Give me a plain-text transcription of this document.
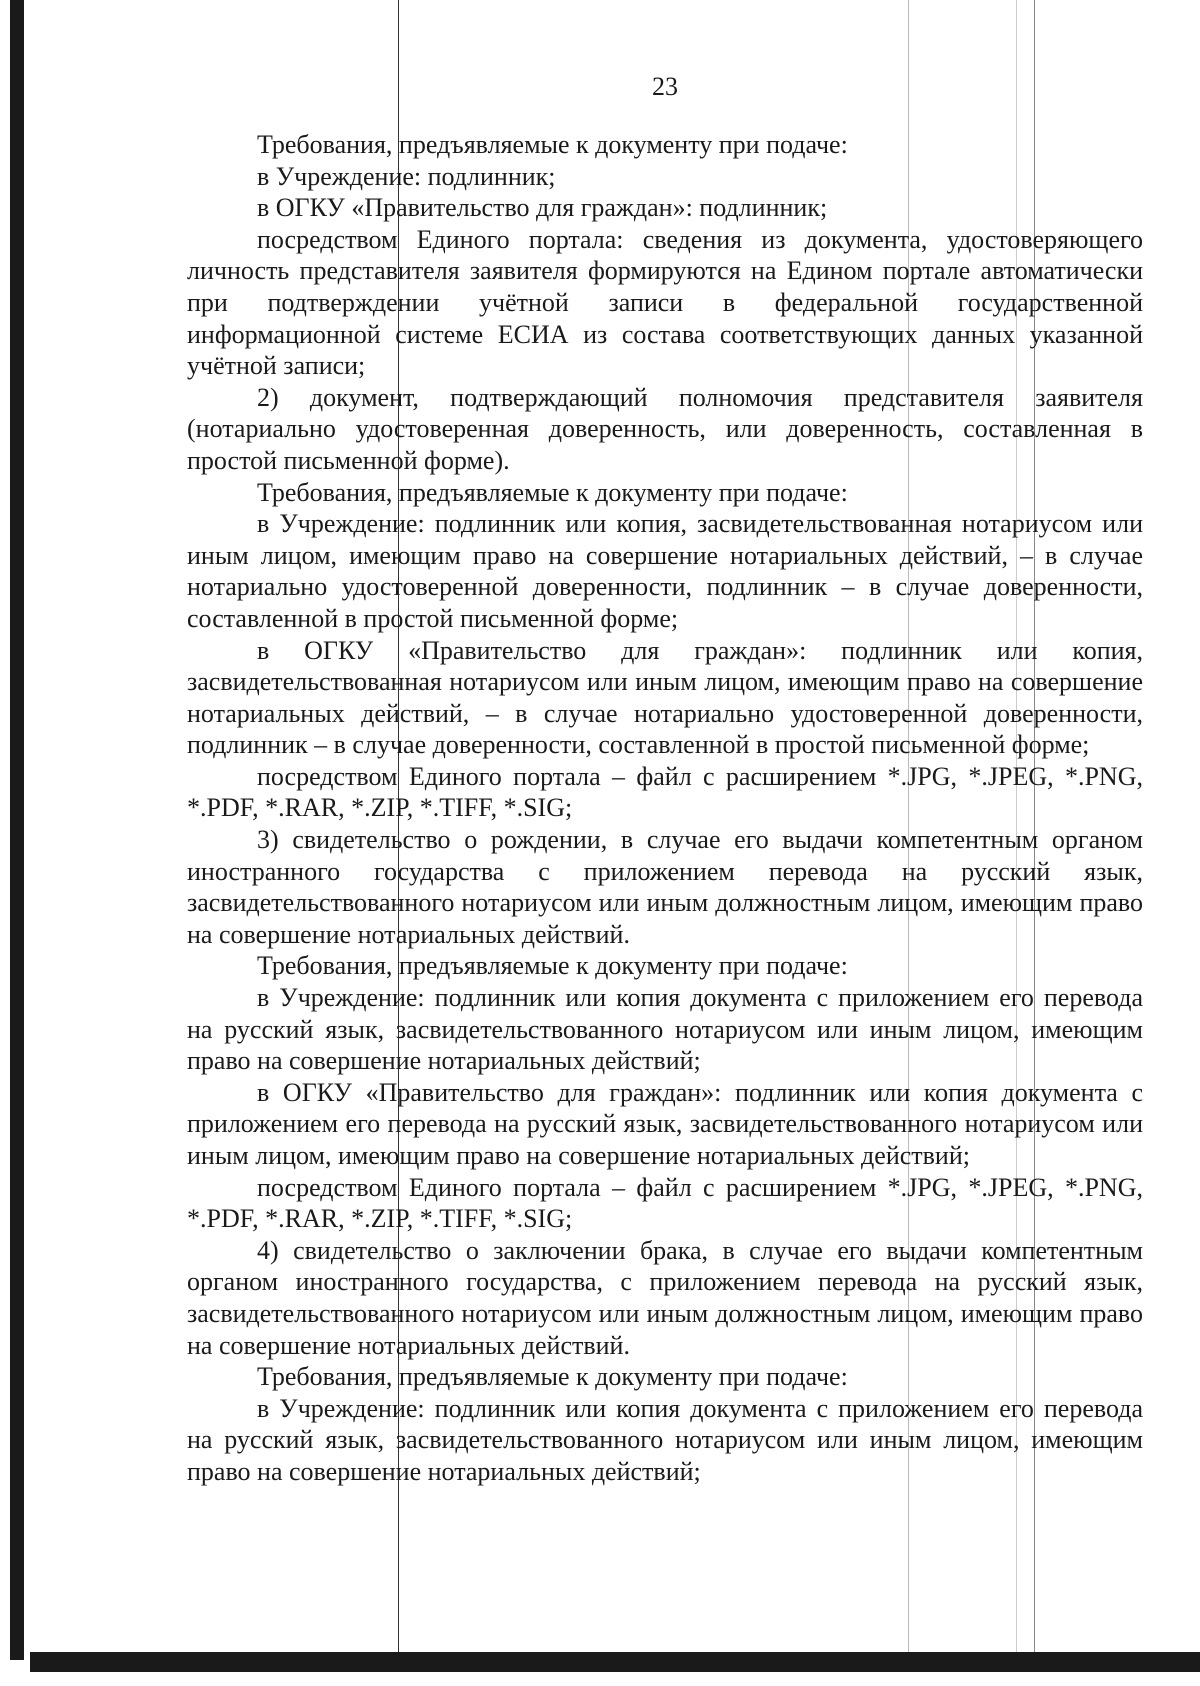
23

Требования, предъявляемые к документу при подаче:

в Учреждение: подлинник;

в ОГКУ «Правительство для граждан»: подлинник;

посредством Единого портала: сведения из документа, удостоверяющего личность представителя заявителя формируются на Едином портале автоматически при подтверждении учётной записи в федеральной государственной информационной системе ЕСИА из состава соответствующих данных указанной учётной записи;

2) документ, подтверждающий полномочия представителя заявителя (нотариально удостоверенная доверенность, или доверенность, составленная в простой письменной форме).

Требования, предъявляемые к документу при подаче:

в Учреждение: подлинник или копия, засвидетельствованная нотариусом или иным лицом, имеющим право на совершение нотариальных действий, – в случае нотариально удостоверенной доверенности, подлинник – в случае доверенности, составленной в простой письменной форме;

в ОГКУ «Правительство для граждан»: подлинник или копия, засвидетельствованная нотариусом или иным лицом, имеющим право на совершение нотариальных действий, – в случае нотариально удостоверенной доверенности, подлинник – в случае доверенности, составленной в простой письменной форме;

посредством Единого портала – файл с расширением *.JPG, *.JPEG, *.PNG, *.PDF, *.RAR, *.ZIP, *.TIFF, *.SIG;

3) свидетельство о рождении, в случае его выдачи компетентным органом иностранного государства с приложением перевода на русский язык, засвидетельствованного нотариусом или иным должностным лицом, имеющим право на совершение нотариальных действий.

Требования, предъявляемые к документу при подаче:

в Учреждение: подлинник или копия документа с приложением его перевода на русский язык, засвидетельствованного нотариусом или иным лицом, имеющим право на совершение нотариальных действий;

в ОГКУ «Правительство для граждан»: подлинник или копия документа с приложением его перевода на русский язык, засвидетельствованного нотариусом или иным лицом, имеющим право на совершение нотариальных действий;

посредством Единого портала – файл с расширением *.JPG, *.JPEG, *.PNG, *.PDF, *.RAR, *.ZIP, *.TIFF, *.SIG;

4) свидетельство о заключении брака, в случае его выдачи компетентным органом иностранного государства, с приложением перевода на русский язык, засвидетельствованного нотариусом или иным должностным лицом, имеющим право на совершение нотариальных действий.

Требования, предъявляемые к документу при подаче:

в Учреждение: подлинник или копия документа с приложением его перевода на русский язык, засвидетельствованного нотариусом или иным лицом, имеющим право на совершение нотариальных действий;
